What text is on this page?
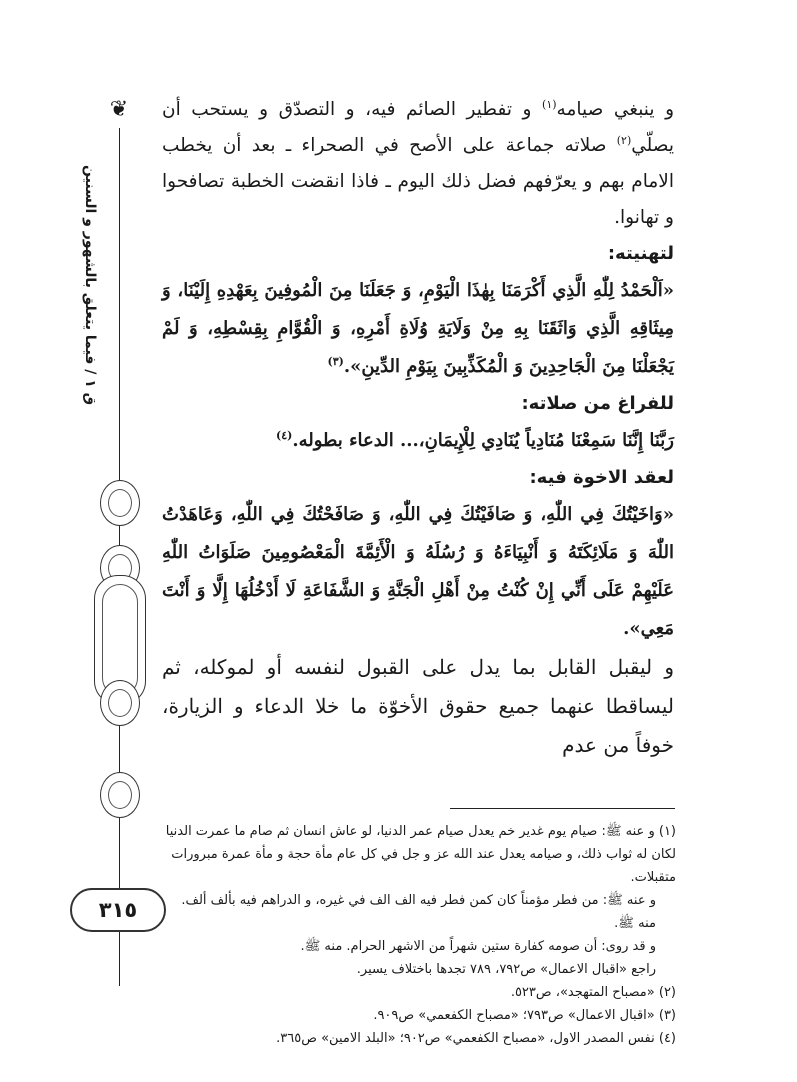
❦
ق ١ / فيما يتعلق بالشهور و السنين
٣١٥

و ينبغي صيامه$^{(١)}$ و تفطير الصائم فيه، و التصدّق و يستحب أن يصلّي$^{(٢)}$ صلاته جماعة على الأصح في الصحراء ـ بعد أن يخطب الامام بهم و يعرّفهم فضل ذلك اليوم ـ فاذا انقضت الخطبة تصافحوا و تهانوا.

لتهنيته:

«اَلْحَمْدُ لِلّٰهِ الَّذِي أَكْرَمَنَا بِهٰذَا الْيَوْمِ، وَ جَعَلَنَا مِنَ الْمُوفِينَ بِعَهْدِهِ إِلَيْنَا، وَ مِيثَاقِهِ الَّذِي وَاثَقَنَا بِهِ مِنْ وَلَايَةِ وُلَاةِ أَمْرِهِ، وَ الْقُوَّامِ بِقِسْطِهِ، وَ لَمْ يَجْعَلْنَا مِنَ الْجَاحِدِينَ وَ الْمُكَذِّبِينَ بِيَوْمِ الدِّينِ».$^{(٣)}$

للفراغ من صلاته:

رَبَّنَا إِنَّنَا سَمِعْنَا مُنَادِياً يُنَادِي لِلْإِيمَانِ،... الدعاء بطوله.$^{(٤)}$

لعقد الاخوة فيه:

«وَاخَيْتُكَ فِي اللّٰهِ، وَ صَافَيْتُكَ فِي اللّٰهِ، وَ صَافَحْتُكَ فِي اللّٰهِ، وَعَاهَدْتُ اللّٰهَ وَ مَلَائِكَتَهُ وَ أَنْبِيَاءَهُ وَ رُسُلَهُ وَ الْأَئِمَّةَ الْمَعْصُومِينَ صَلَوَاتُ اللّٰهِ عَلَيْهِمْ عَلَى أَنِّي إِنْ كُنْتُ مِنْ أَهْلِ الْجَنَّةِ وَ الشَّفَاعَةِ لَا أَدْخُلُهَا إِلَّا وَ أَنْتَ مَعِي».

و ليقبل القابل بما يدل على القبول لنفسه أو لموكله، ثم ليساقطا عنهما جميع حقوق الأخوّة ما خلا الدعاء و الزيارة، خوفاً من عدم

(١) و عنه ﷺ: صيام يوم غدير خم يعدل صيام عمر الدنيا، لو عاش انسان ثم صام ما عمرت الدنيا لكان له ثواب ذلك، و صيامه يعدل عند الله عز و جل في كل عام مأة حجة و مأة عمرة مبرورات متقبلات.

و عنه ﷺ: من فطر مؤمناً كان كمن فطر فيه الف الف في غيره، و الدراهم فيه بألف ألف. منه ﷺ.

و قد روى: أن صومه كفارة ستين شهراً من الاشهر الحرام. منه ﷺ.

راجع «اقبال الاعمال» ص٧٩٢، ٧٨٩ تجدها باختلاف يسير.

(٢) «مصباح المتهجد»، ص٥٢٣.

(٣) «اقبال الاعمال» ص٧٩٣؛ «مصباح الكفعمي» ص٩٠٩.

(٤) نفس المصدر الاول، «مصباح الكفعمي» ص٩٠٢؛ «البلد الامين» ص٣٦٥.
